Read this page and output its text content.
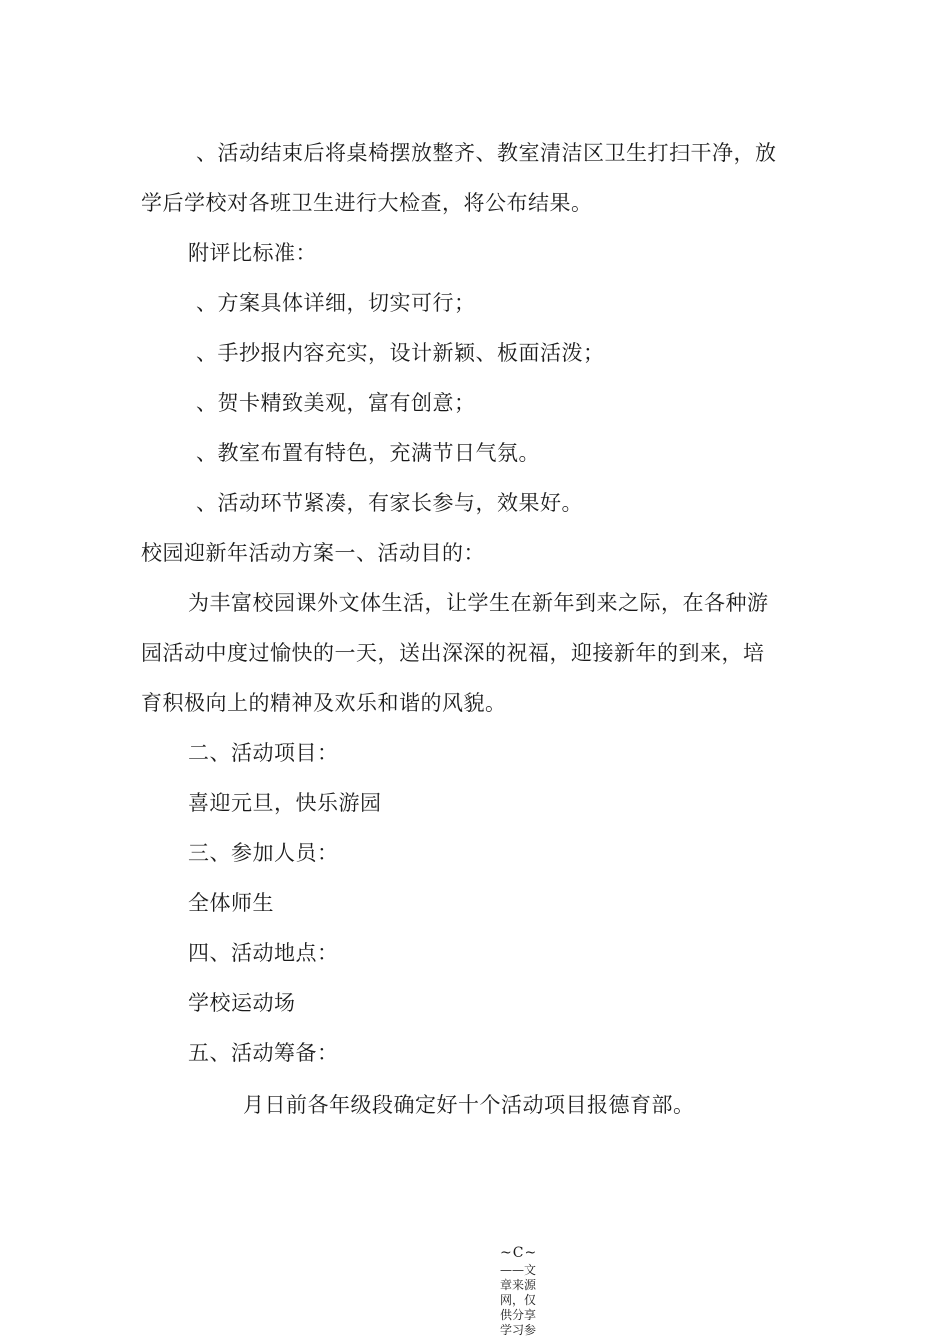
、活动结束后将桌椅摆放整齐、教室清洁区卫生打扫干净，放
学后学校对各班卫生进行大检查，将公布结果。
附评比标准：
、方案具体详细，切实可行；
、手抄报内容充实，设计新颖、板面活泼；
、贺卡精致美观，富有创意；
、教室布置有特色，充满节日气氛。
、活动环节紧凑，有家长参与，效果好。
校园迎新年活动方案一、活动目的：
为丰富校园课外文体生活，让学生在新年到来之际，在各种游
园活动中度过愉快的一天，送出深深的祝福，迎接新年的到来，培
育积极向上的精神及欢乐和谐的风貌。
二、活动项目：
喜迎元旦，快乐游园
三、参加人员：
全体师生
四、活动地点：
学校运动场
五、活动筹备：
月日前各年级段确定好十个活动项目报德育部。
~C~
——文章来源网，仅供分享学习参
